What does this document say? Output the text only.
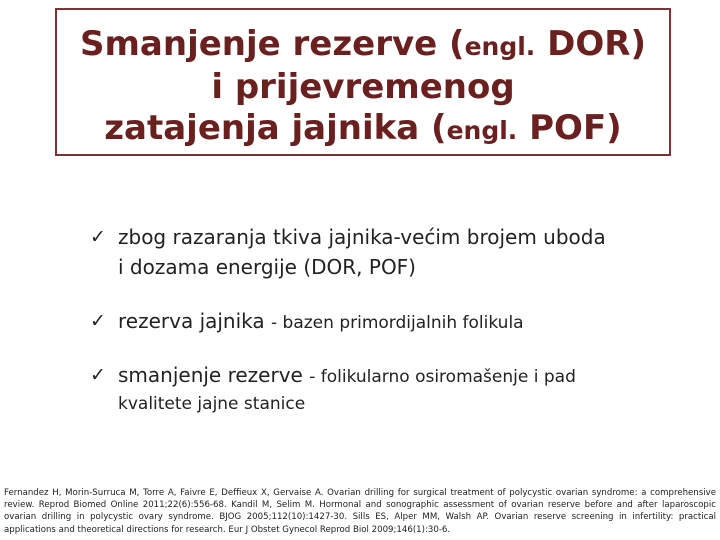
Smanjenje rezerve (engl. DOR)
i prijevremenog
zatajenja jajnika (engl. POF)
✓ zbog razaranja tkiva jajnika-većim brojem uboda
i dozama energije (DOR, POF)
✓ rezerva jajnika - bazen primordijalnih folikula
✓ smanjenje rezerve - folikularno osiromašenje i pad
kvalitete jajne stanice
Fernandez H, Morin-Surruca M, Torre A, Faivre E, Deffieux X, Gervaise A. Ovarian drilling for surgical treatment of polycystic ovarian syndrome: a comprehensive review. Reprod Biomed Online 2011;22(6):556-68. Kandil M, Selim M. Hormonal and sonographic assessment of ovarian reserve before and after laparoscopic ovarian drilling in polycystic ovary syndrome. BJOG 2005;112(10):1427-30. Sills ES, Alper MM, Walsh AP. Ovarian reserve screening in infertility: practical applications and theoretical directions for research. Eur J Obstet Gynecol Reprod Biol 2009;146(1):30-6.
